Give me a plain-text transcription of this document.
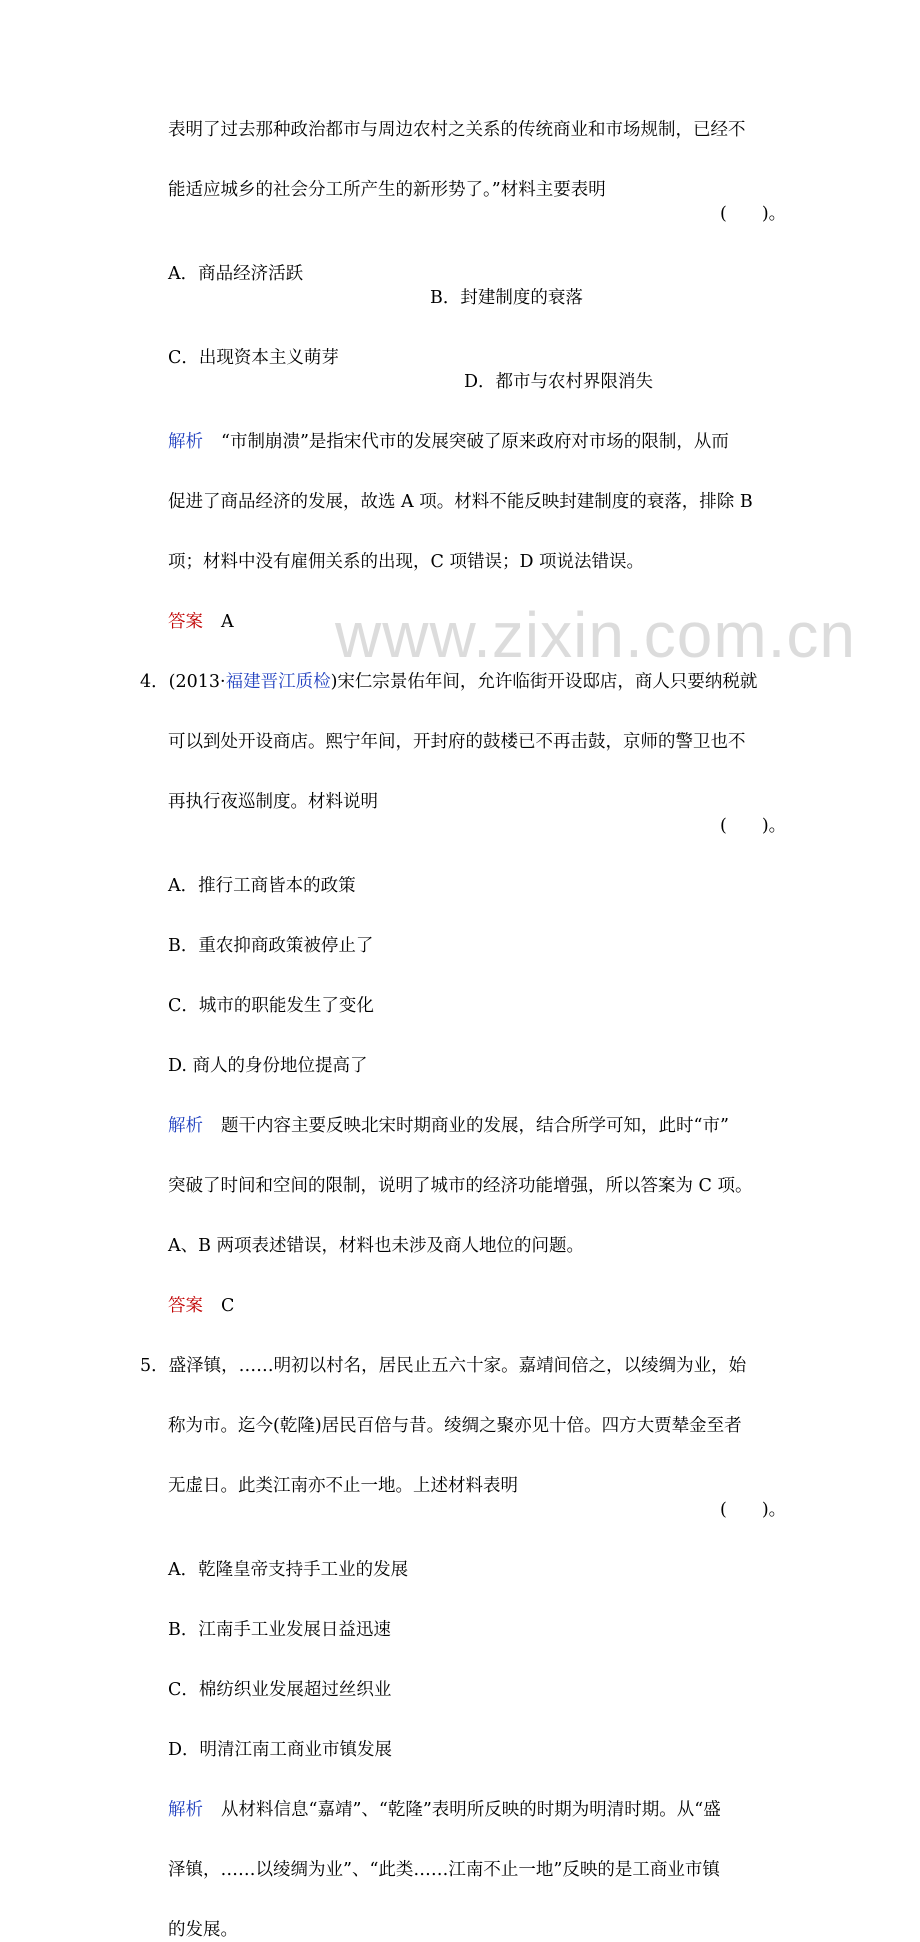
www.zixin.com.cn
表明了过去那种政治都市与周边农村之关系的传统商业和市场规制，已经不
能适应城乡的社会分工所产生的新形势了。”材料主要表明
(　　)。
A．商品经济活跃
B．封建制度的衰落
C．出现资本主义萌芽
D．都市与农村界限消失
解析 “市制崩溃”是指宋代市的发展突破了原来政府对市场的限制，从而
促进了商品经济的发展，故选 A 项。材料不能反映封建制度的衰落，排除 B
项；材料中没有雇佣关系的出现，C 项错误；D 项说法错误。
答案 A
4．(2013·福建晋江质检)宋仁宗景佑年间，允许临街开设邸店，商人只要纳税就
可以到处开设商店。熙宁年间，开封府的鼓楼已不再击鼓，京师的警卫也不
再执行夜巡制度。材料说明
(　　)。
A．推行工商皆本的政策
B．重农抑商政策被停止了
C．城市的职能发生了变化
D. 商人的身份地位提高了
解析 题干内容主要反映北宋时期商业的发展，结合所学可知，此时“市”
突破了时间和空间的限制，说明了城市的经济功能增强，所以答案为 C 项。
A、B 两项表述错误，材料也未涉及商人地位的问题。
答案 C
5．盛泽镇，……明初以村名，居民止五六十家。嘉靖间倍之，以绫绸为业，始
称为市。迄今(乾隆)居民百倍与昔。绫绸之聚亦见十倍。四方大贾辇金至者
无虚日。此类江南亦不止一地。上述材料表明
(　　)。
A．乾隆皇帝支持手工业的发展
B．江南手工业发展日益迅速
C．棉纺织业发展超过丝织业
D．明清江南工商业市镇发展
解析 从材料信息“嘉靖”、“乾隆”表明所反映的时期为明清时期。从“盛
泽镇，……以绫绸为业”、“此类……江南不止一地”反映的是工商业市镇
的发展。
